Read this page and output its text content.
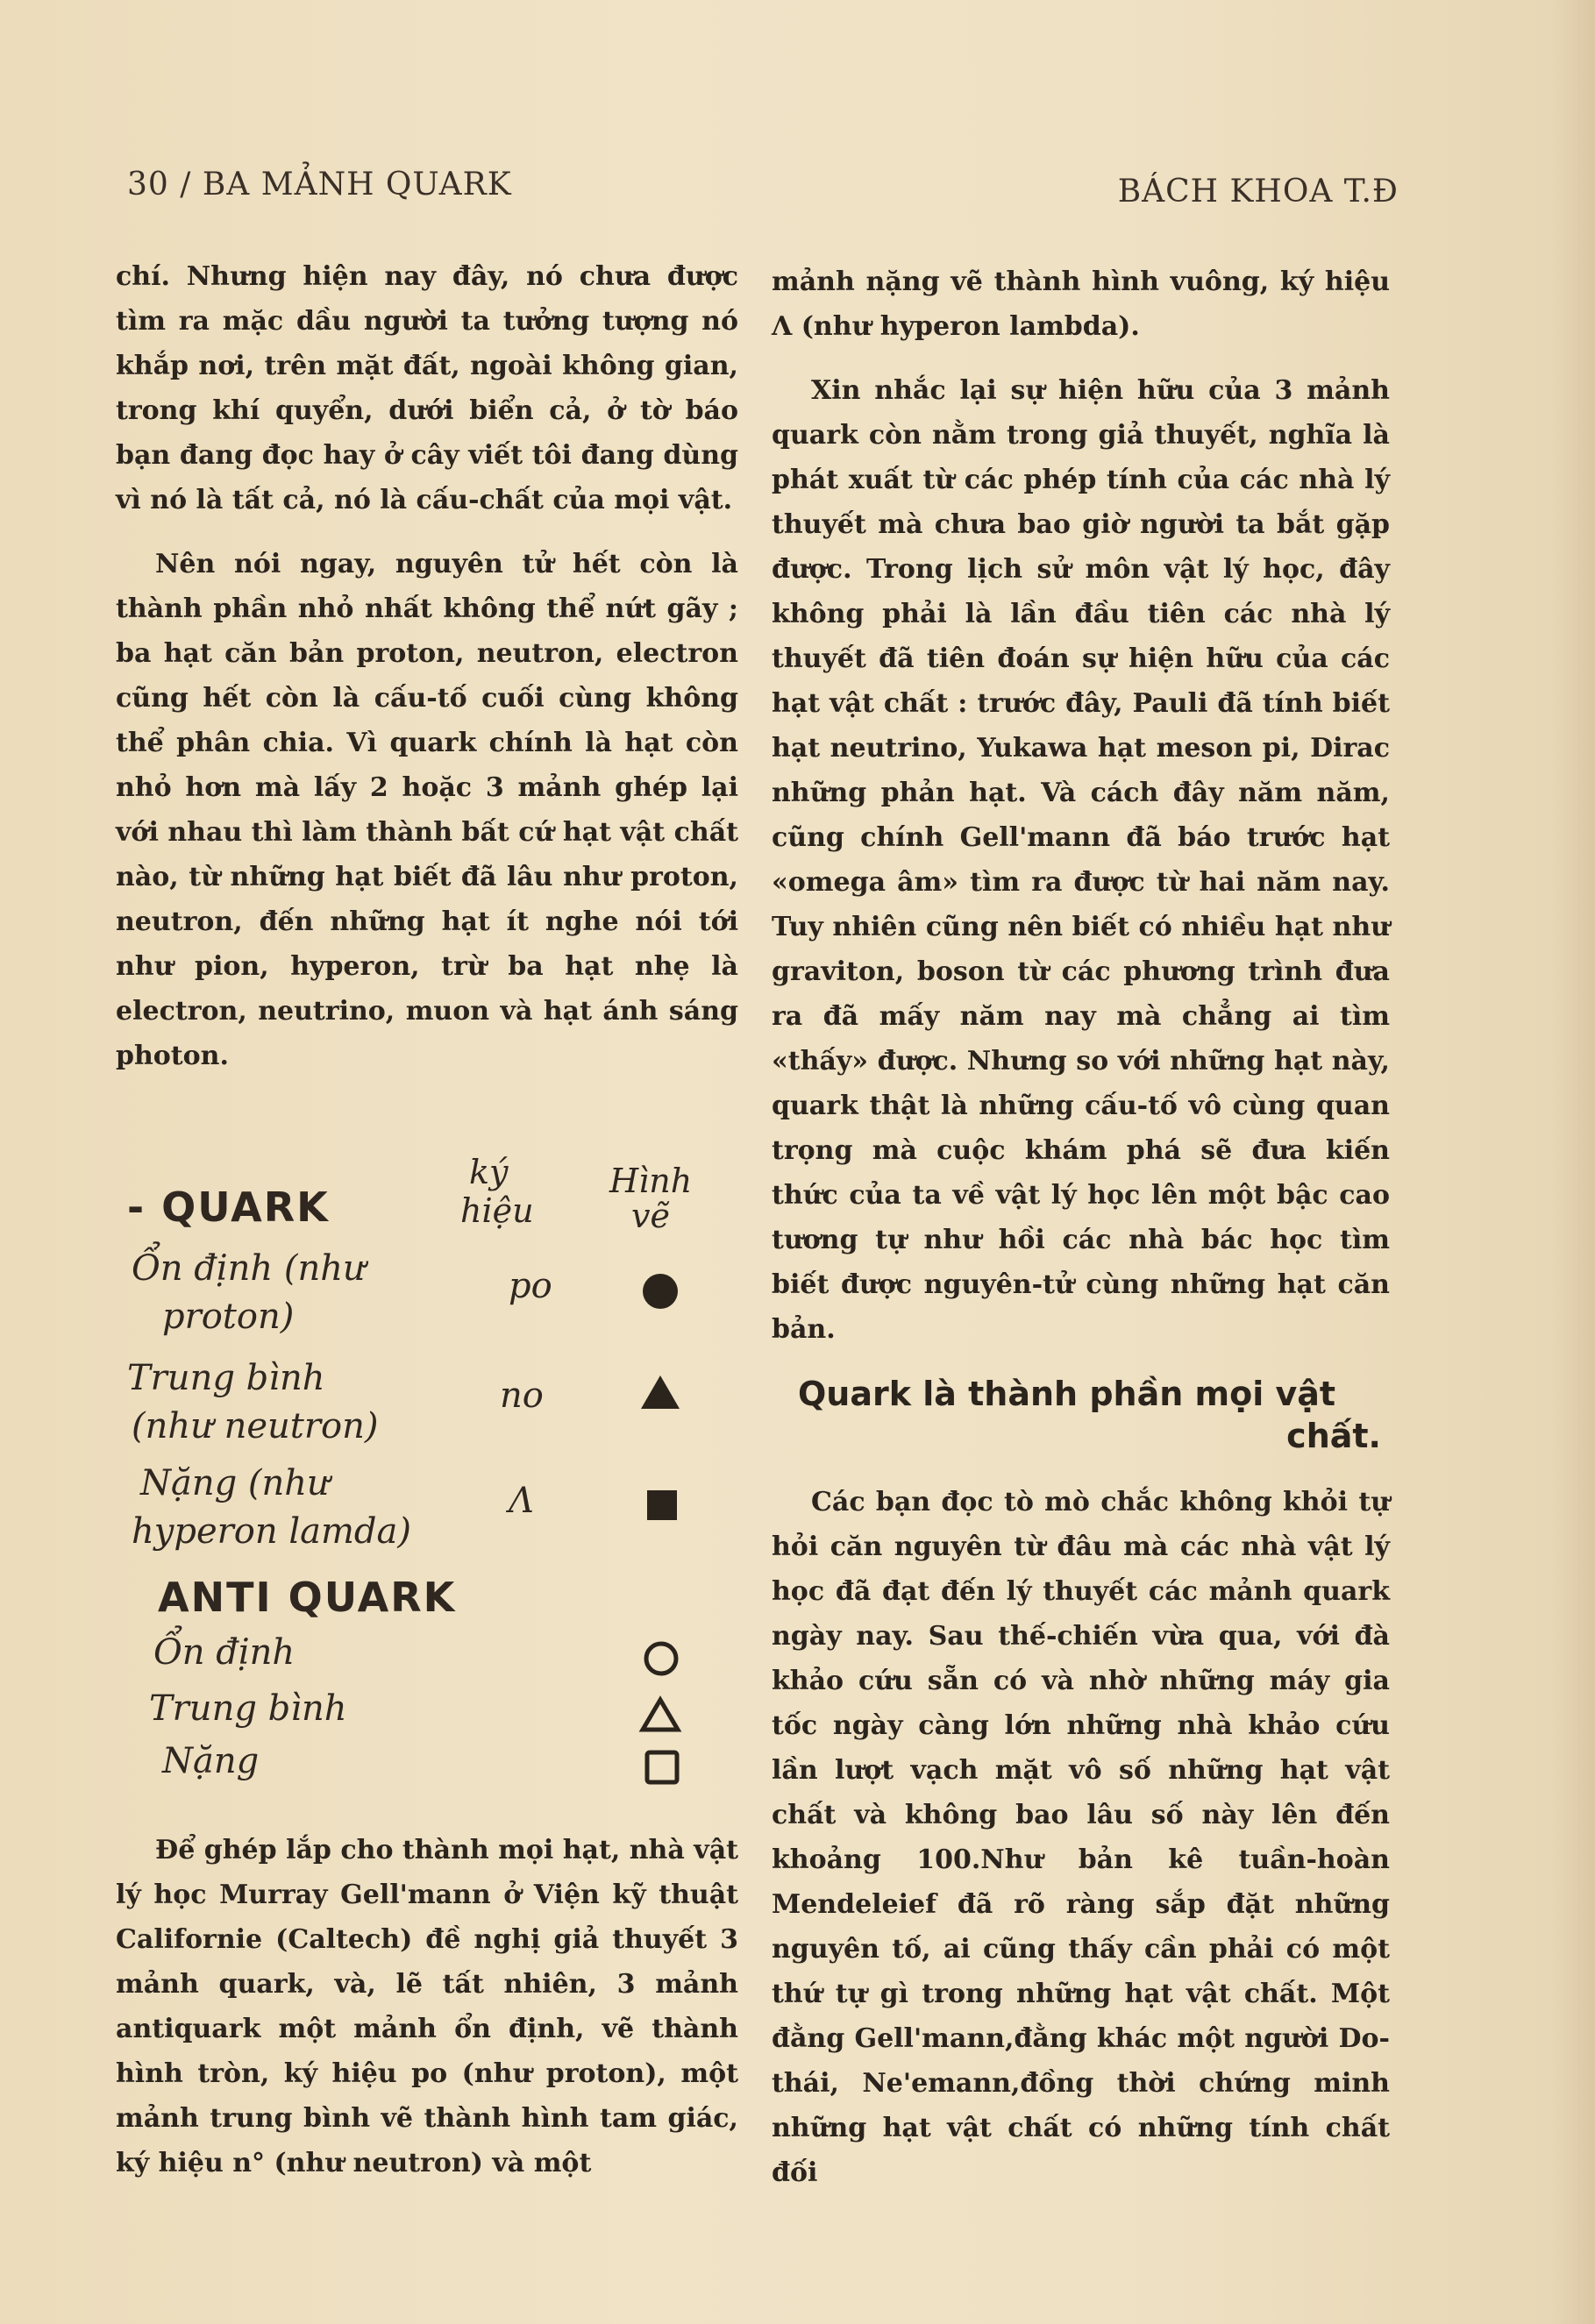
30 / BA MẢNH QUARK	BÁCH KHOA T.Đ

chí. Nhưng hiện nay đây, nó chưa được tìm ra mặc dầu người ta tưởng tượng nó khắp nơi, trên mặt đất, ngoài không gian, trong khí quyển, dưới biển cả, ở tờ báo bạn đang đọc hay ở cây viết tôi đang dùng vì nó là tất cả, nó là cấu-chất của mọi vật.

Nên nói ngay, nguyên tử hết còn là thành phần nhỏ nhất không thể nứt gãy ; ba hạt căn bản proton, neutron, electron cũng hết còn là cấu-tố cuối cùng không thể phân chia. Vì quark chính là hạt còn nhỏ hơn mà lấy 2 hoặc 3 mảnh ghép lại với nhau thì làm thành bất cứ hạt vật chất nào, từ những hạt biết đã lâu như proton, neutron, đến những hạt ít nghe nói tới như pion, hyperon, trừ ba hạt nhẹ là electron, neutrino, muon và hạt ánh sáng photon.

- QUARK
ký
hiệu
Hình
vẽ
Ổn định (như
proton)
po
Trung bình
(như neutron)
no
Nặng (như
hyperon lamda)
Λ
ANTI QUARK
Ổn định
Trung bình
Nặng

Để ghép lắp cho thành mọi hạt, nhà vật lý học Murray Gell'mann ở Viện kỹ thuật Californie (Caltech) đề nghị giả thuyết 3 mảnh quark, và, lẽ tất nhiên, 3 mảnh antiquark một mảnh ổn định, vẽ thành hình tròn, ký hiệu po (như proton), một mảnh trung bình vẽ thành hình tam giác, ký hiệu n° (như neutron) và một

mảnh nặng vẽ thành hình vuông, ký hiệu Λ (như hyperon lambda).

Xin nhắc lại sự hiện hữu của 3 mảnh quark còn nằm trong giả thuyết, nghĩa là phát xuất từ các phép tính của các nhà lý thuyết mà chưa bao giờ người ta bắt gặp được. Trong lịch sử môn vật lý học, đây không phải là lần đầu tiên các nhà lý thuyết đã tiên đoán sự hiện hữu của các hạt vật chất : trước đây, Pauli đã tính biết hạt neutrino, Yukawa hạt meson pi, Dirac những phản hạt. Và cách đây năm năm, cũng chính Gell'mann đã báo trước hạt «omega âm» tìm ra được từ hai năm nay. Tuy nhiên cũng nên biết có nhiều hạt như graviton, boson từ các phương trình đưa ra đã mấy năm nay mà chẳng ai tìm «thấy» được. Nhưng so với những hạt này, quark thật là những cấu-tố vô cùng quan trọng mà cuộc khám phá sẽ đưa kiến thức của ta về vật lý học lên một bậc cao tương tự như hồi các nhà bác học tìm biết được nguyên-tử cùng những hạt căn bản.

Quark là thành phần mọi vật
chất.

Các bạn đọc tò mò chắc không khỏi tự hỏi căn nguyên từ đâu mà các nhà vật lý học đã đạt đến lý thuyết các mảnh quark ngày nay. Sau thế-chiến vừa qua, với đà khảo cứu sẵn có và nhờ những máy gia tốc ngày càng lớn những nhà khảo cứu lần lượt vạch mặt vô số những hạt vật chất và không bao lâu số này lên đến khoảng 100.Như bản kê tuần-hoàn Mendeleief đã rõ ràng sắp đặt những nguyên tố, ai cũng thấy cần phải có một thứ tự gì trong những hạt vật chất. Một đằng Gell'mann,đằng khác một người Do-thái, Ne'emann,đồng thời chứng minh những hạt vật chất có những tính chất đối
